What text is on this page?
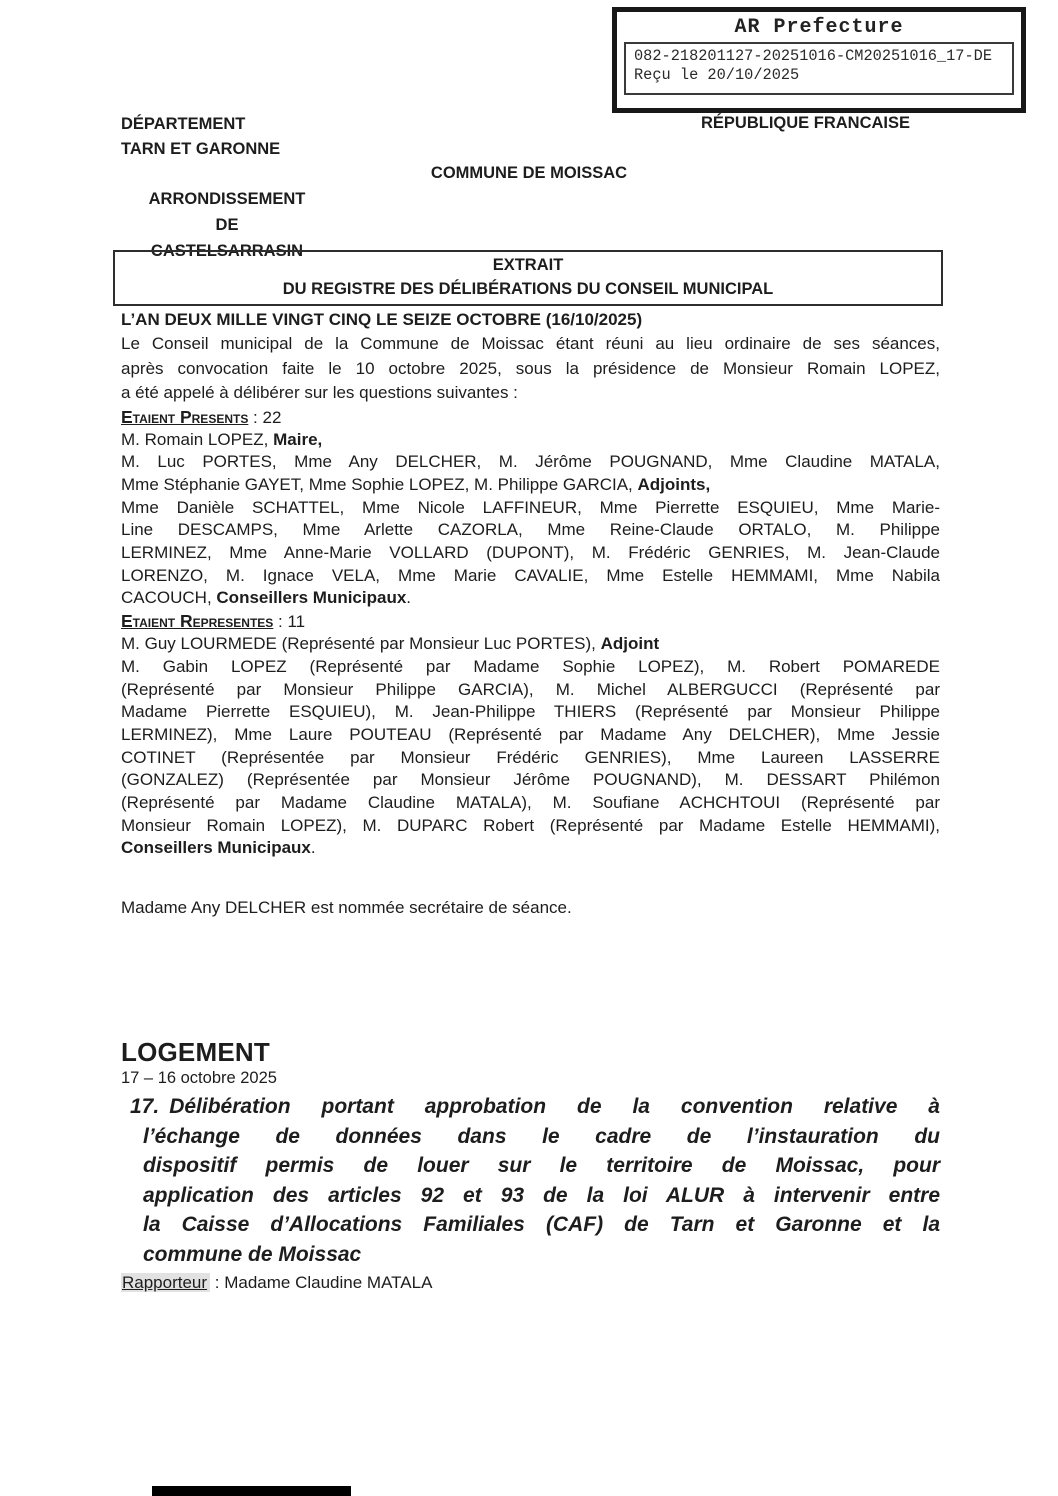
AR Prefecture
082-218201127-20251016-CM20251016_17-DE
Reçu le 20/10/2025
DÉPARTEMENT
TARN ET GARONNE
RÉPUBLIQUE FRANCAISE
COMMUNE DE MOISSAC
ARRONDISSEMENT
DE
CASTELSARRASIN
EXTRAIT
DU REGISTRE DES DÉLIBÉRATIONS DU CONSEIL MUNICIPAL
L’AN DEUX MILLE VINGT CINQ LE SEIZE OCTOBRE (16/10/2025)
Le Conseil municipal de la Commune de Moissac étant réuni au lieu ordinaire de ses séances,
après convocation faite le 10 octobre 2025, sous la présidence de Monsieur Romain LOPEZ,
a été appelé à délibérer sur les questions suivantes :
Etaient Presents : 22
M. Romain LOPEZ, Maire,
M. Luc PORTES, Mme Any DELCHER, M. Jérôme POUGNAND, Mme Claudine MATALA,
Mme Stéphanie GAYET, Mme Sophie LOPEZ, M. Philippe GARCIA, Adjoints,
Mme Danièle SCHATTEL, Mme Nicole LAFFINEUR, Mme Pierrette ESQUIEU, Mme Marie-
Line DESCAMPS, Mme Arlette CAZORLA, Mme Reine-Claude ORTALO, M. Philippe
LERMINEZ, Mme Anne-Marie VOLLARD (DUPONT), M. Frédéric GENRIES, M. Jean-Claude
LORENZO, M. Ignace VELA, Mme Marie CAVALIE, Mme Estelle HEMMAMI, Mme Nabila
CACOUCH, Conseillers Municipaux.
Etaient Representes : 11
M. Guy LOURMEDE (Représenté par Monsieur Luc PORTES), Adjoint
M. Gabin LOPEZ (Représenté par Madame Sophie LOPEZ), M. Robert POMAREDE
(Représenté par Monsieur Philippe GARCIA), M. Michel ALBERGUCCI (Représenté par
Madame Pierrette ESQUIEU), M. Jean-Philippe THIERS (Représenté par Monsieur Philippe
LERMINEZ), Mme Laure POUTEAU (Représenté par Madame Any DELCHER), Mme Jessie
COTINET (Représentée par Monsieur Frédéric GENRIES), Mme Laureen LASSERRE
(GONZALEZ) (Représentée par Monsieur Jérôme POUGNAND), M. DESSART Philémon
(Représenté par Madame Claudine MATALA), M. Soufiane ACHCHTOUI (Représenté par
Monsieur Romain LOPEZ), M. DUPARC Robert (Représenté par Madame Estelle HEMMAMI),
Conseillers Municipaux.
Madame Any DELCHER est nommée secrétaire de séance.
LOGEMENT
17 – 16 octobre 2025
17. Délibération portant approbation de la convention relative à
l’échange de données dans le cadre de l’instauration du
dispositif permis de louer sur le territoire de Moissac, pour
application des articles 92 et 93 de la loi ALUR à intervenir entre
la Caisse d’Allocations Familiales (CAF) de Tarn et Garonne et la
commune de Moissac
Rapporteur : Madame Claudine MATALA
